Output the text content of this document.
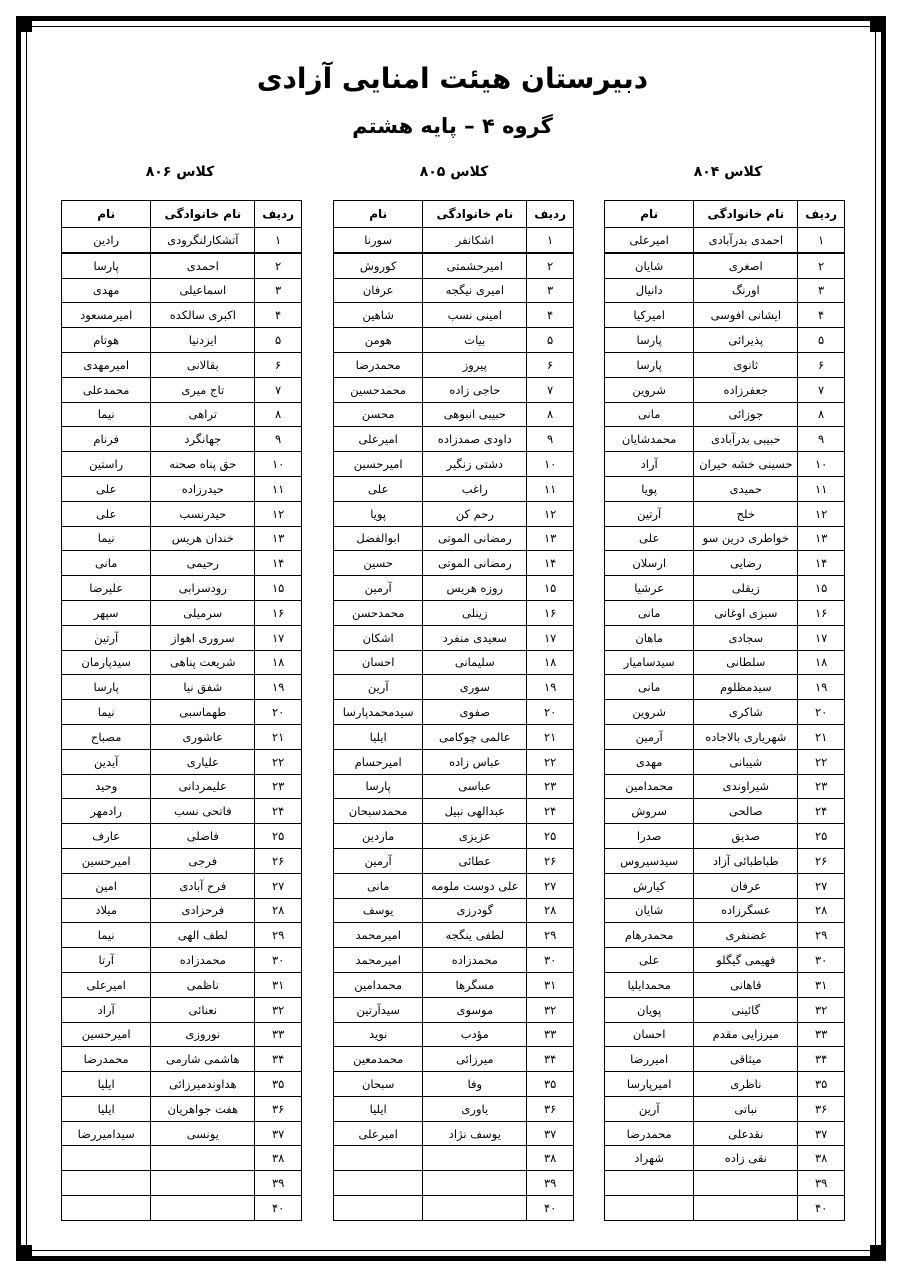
دبیرستان هیئت امنایی آزادی
گروه ۴ – پایه هشتم
کلاس ۸۰۴
کلاس ۸۰۵
کلاس ۸۰۶
ردیف	نام خانوادگی	نام
۱	احمدی بدرآبادی	امیرعلی
۲	اصغری	شایان
۳	اورنگ	دانیال
۴	ایشانی افوسی	امیرکیا
۵	پذیرائی	پارسا
۶	ثانوی	پارسا
۷	جعفرزاده	شروین
۸	جوزائی	مانی
۹	حبیبی بدرآبادی	محمدشایان
۱۰	حسینی خشه حیران	آراد
۱۱	حمیدی	پویا
۱۲	خلج	آرتین
۱۳	خواطری درین سو	علی
۱۴	رضایی	ارسلان
۱۵	زیقلی	عرشیا
۱۶	سبزی اوغانی	مانی
۱۷	سجادی	ماهان
۱۸	سلطانی	سیدسامیار
۱۹	سیدمظلوم	مانی
۲۰	شاکری	شروین
۲۱	شهریاری بالاجاده	آرمین
۲۲	شیبانی	مهدی
۲۳	شیراوندی	محمدامین
۲۴	صالحی	سروش
۲۵	صدیق	صدرا
۲۶	طباطبائی آزاد	سیدسیروس
۲۷	عرفان	کیارش
۲۸	عسگرزاده	شایان
۲۹	غضنفری	محمدرهام
۳۰	فهیمی گیگلو	علی
۳۱	قاهانی	محمدایلیا
۳۲	گائینی	پویان
۳۳	میرزایی مقدم	احسان
۳۴	میثاقی	امیررضا
۳۵	ناظری	امیرپارسا
۳۶	نباتی	آرین
۳۷	نقدعلی	محمدرضا
۳۸	نقی زاده	شهراد
۳۹		
۴۰		
ردیف	نام خانوادگی	نام
۱	اشکانفر	سورنا
۲	امیرحشمتی	کوروش
۳	امیری نیگجه	عرفان
۴	امینی نسب	شاهین
۵	بیات	هومن
۶	پیروز	محمدرضا
۷	حاجی زاده	محمدحسین
۸	حبیبی انبوهی	محسن
۹	داودی صمدزاده	امیرعلی
۱۰	دشتی زنگیر	امیرحسین
۱۱	راغب	علی
۱۲	رحم کن	پویا
۱۳	رمضانی الموتی	ابوالفضل
۱۴	رمضانی الموتی	حسین
۱۵	روزه هریس	آرمین
۱۶	زینلی	محمدحسن
۱۷	سعیدی منفرد	اشکان
۱۸	سلیمانی	احسان
۱۹	سوری	آرین
۲۰	صفوی	سیدمحمدپارسا
۲۱	عالمی چوکامی	ایلیا
۲۲	عباس زاده	امیرحسام
۲۳	عباسی	پارسا
۲۴	عبدالهی نبیل	محمدسبحان
۲۵	عزیزی	ماردین
۲۶	عطائی	آرمین
۲۷	علی دوست ملومه	مانی
۲۸	گودرزی	یوسف
۲۹	لطفی ینگجه	امیرمحمد
۳۰	محمدزاده	امیرمحمد
۳۱	مسگرها	محمدامین
۳۲	موسوی	سیدآرتین
۳۳	مؤدب	نوید
۳۴	میرزائی	محمدمعین
۳۵	وفا	سبحان
۳۶	یاوری	ایلیا
۳۷	یوسف نژاد	امیرعلی
۳۸		
۳۹		
۴۰		
ردیف	نام خانوادگی	نام
۱	آتشکارلنگرودی	رادین
۲	احمدی	پارسا
۳	اسماعیلی	مهدی
۴	اکبری سالکده	امیرمسعود
۵	ایزدنیا	هوتام
۶	بقالانی	امیرمهدی
۷	تاج میری	محمدعلی
۸	تراهی	نیما
۹	جهانگرد	فرنام
۱۰	حق پناه صحنه	راستین
۱۱	حیدرزاده	علی
۱۲	حیدرنسب	علی
۱۳	خندان هریس	نیما
۱۴	رحیمی	مانی
۱۵	رودسرابی	علیرضا
۱۶	سرمیلی	سپهر
۱۷	سروری اهواز	آرتین
۱۸	شریعت پناهی	سیدپارمان
۱۹	شفق نیا	پارسا
۲۰	طهماسبی	نیما
۲۱	عاشوری	مصباح
۲۲	علیاری	آیدین
۲۳	علیمردانی	وحید
۲۴	فاتحی نسب	رادمهر
۲۵	فاضلی	عارف
۲۶	فرجی	امیرحسین
۲۷	فرح آبادی	امین
۲۸	فرحزادی	میلاد
۲۹	لطف الهی	نیما
۳۰	محمدزاده	آرتا
۳۱	ناظمی	امیرعلی
۳۲	نعنائی	آراد
۳۳	نوروزی	امیرحسین
۳۴	هاشمی شارمی	محمدرضا
۳۵	هداوندمیرزائی	ایلیا
۳۶	هفت جواهریان	ایلیا
۳۷	یونسی	سیدامیررضا
۳۸		
۳۹		
۴۰		
